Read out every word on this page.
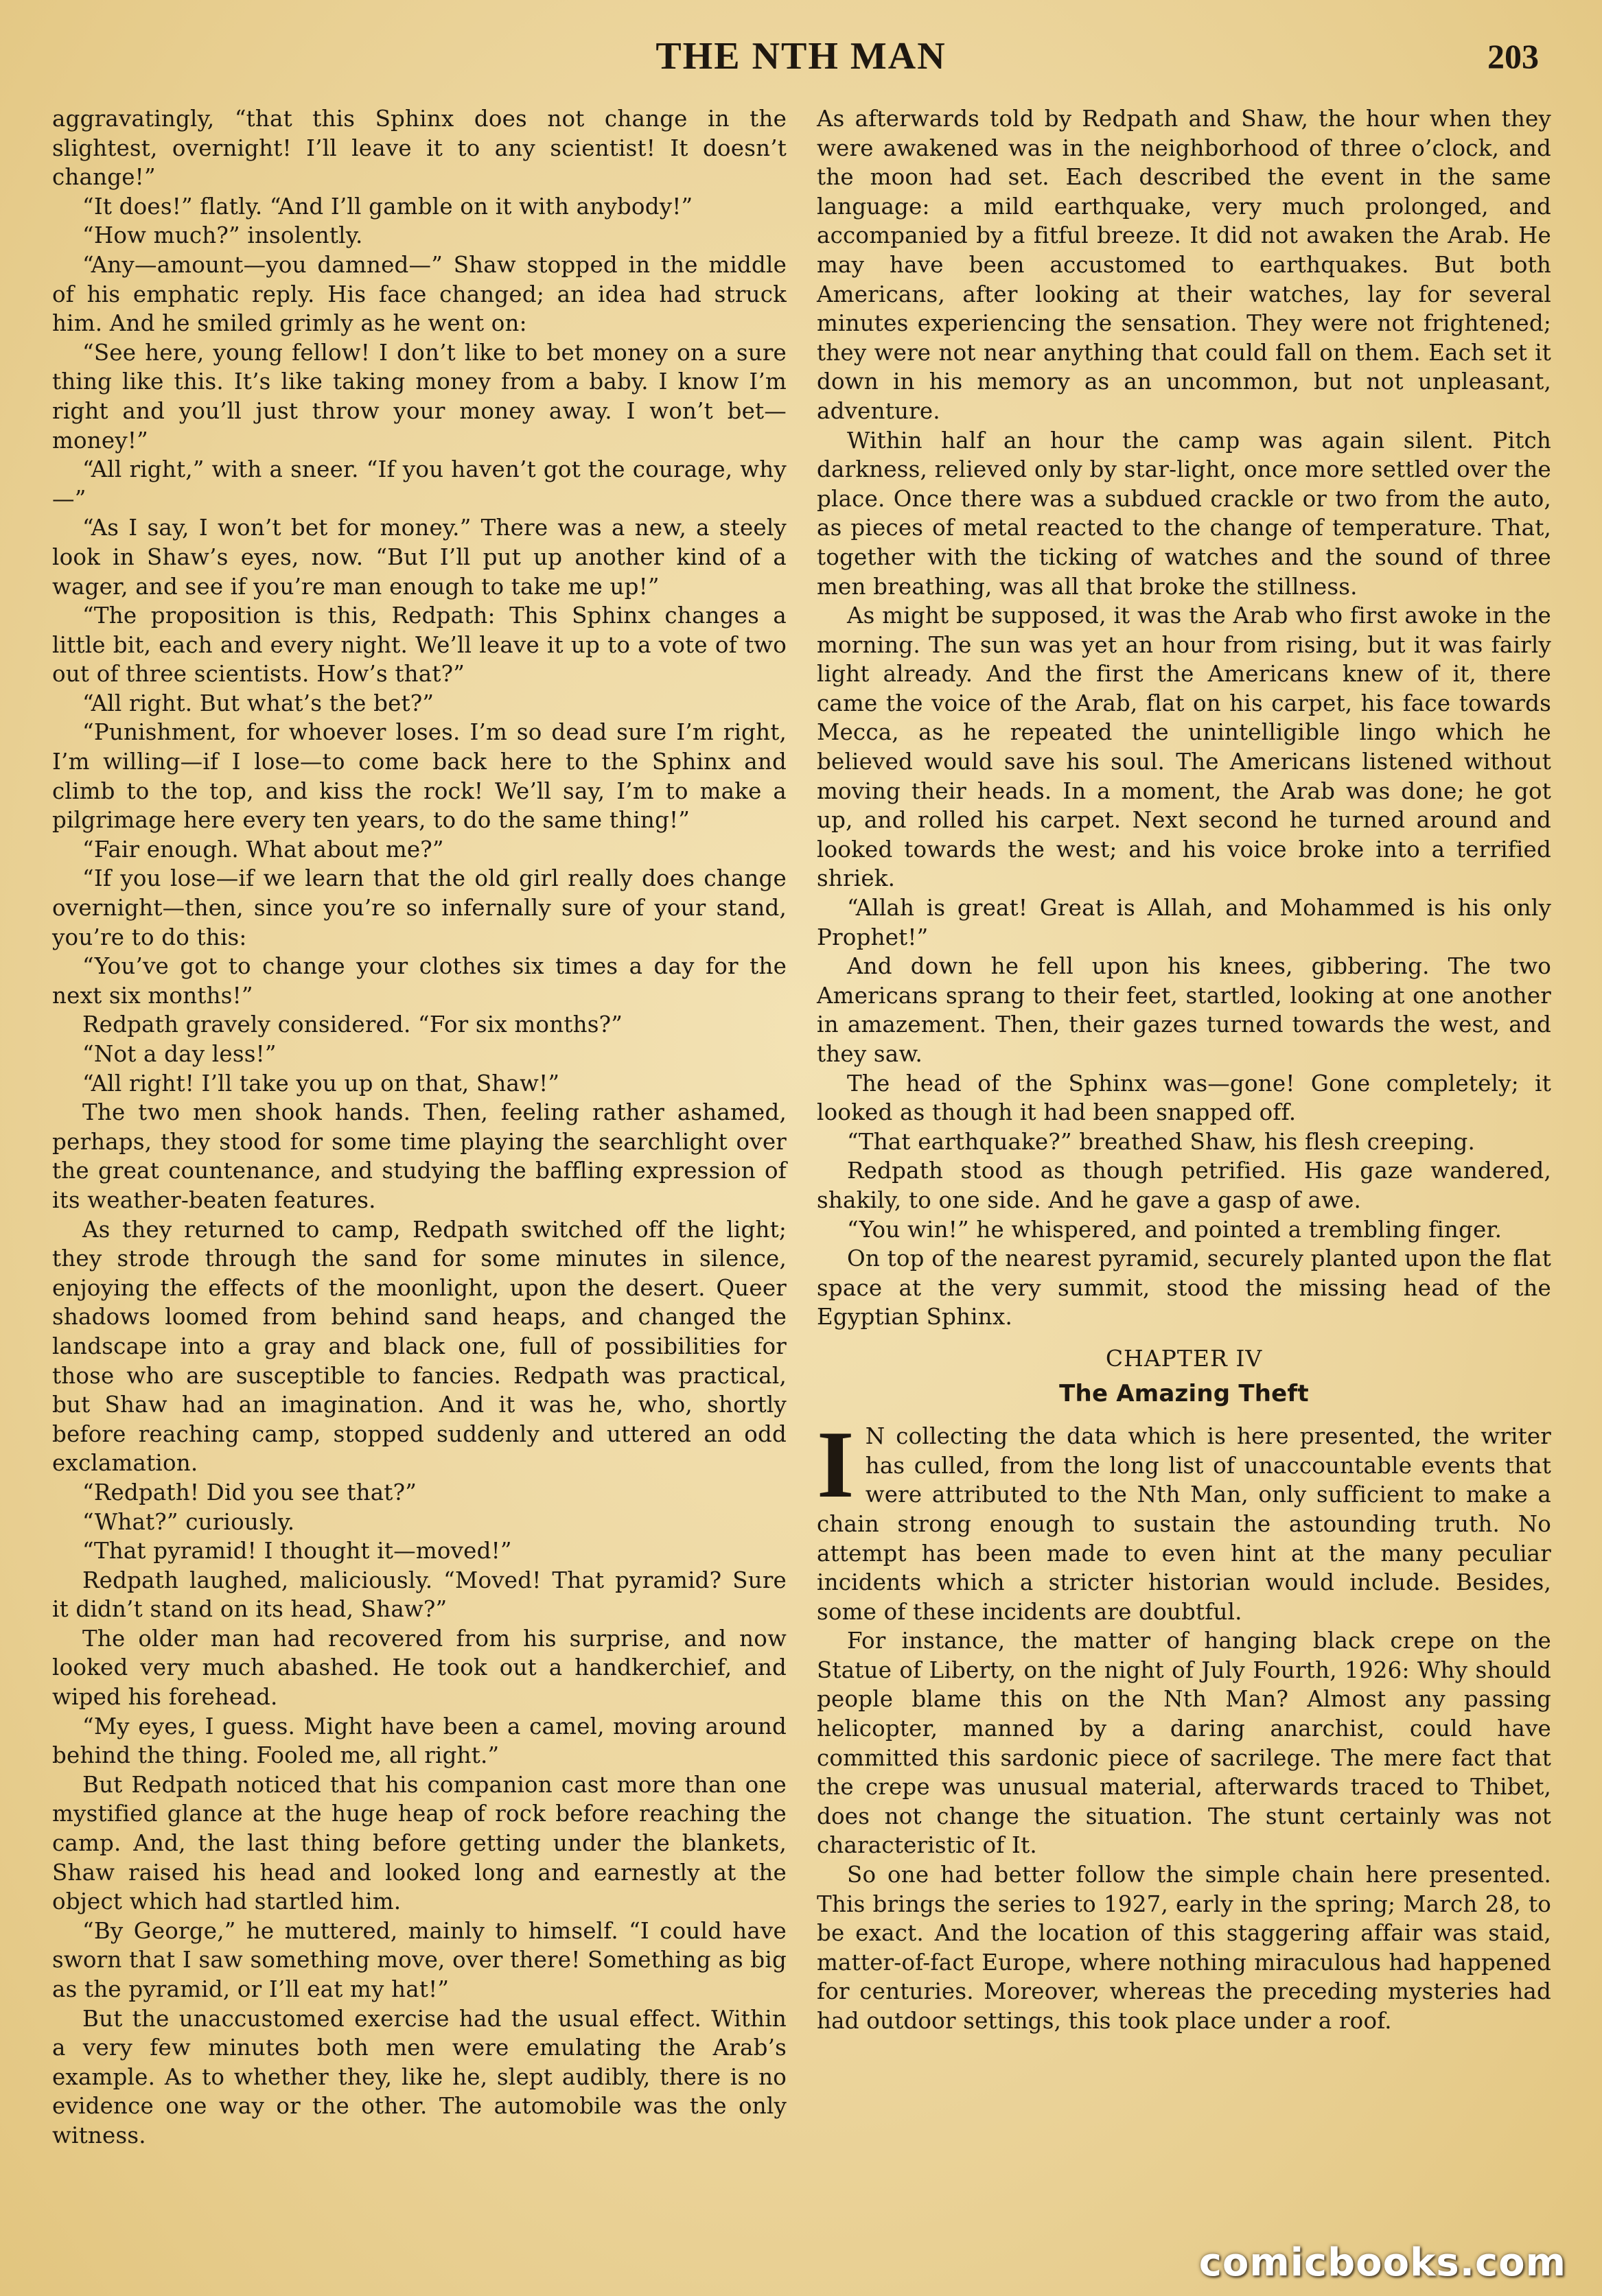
THE NTH MAN	203

aggravatingly, “that this Sphinx does not change in the slightest, overnight! I’ll leave it to any scientist! It doesn’t change!”

“It does!” flatly. “And I’ll gamble on it with anybody!”

“How much?” insolently.

“Any—amount—you damned—” Shaw stopped in the middle of his emphatic reply. His face changed; an idea had struck him. And he smiled grimly as he went on:

“See here, young fellow! I don’t like to bet money on a sure thing like this. It’s like taking money from a baby. I know I’m right and you’ll just throw your money away. I won’t bet—money!”

“All right,” with a sneer. “If you haven’t got the courage, why—”

“As I say, I won’t bet for money.” There was a new, a steely look in Shaw’s eyes, now. “But I’ll put up another kind of a wager, and see if you’re man enough to take me up!”

“The proposition is this, Redpath: This Sphinx changes a little bit, each and every night. We’ll leave it up to a vote of two out of three scientists. How’s that?”

“All right. But what’s the bet?”

“Punishment, for whoever loses. I’m so dead sure I’m right, I’m willing—if I lose—to come back here to the Sphinx and climb to the top, and kiss the rock! We’ll say, I’m to make a pilgrimage here every ten years, to do the same thing!”

“Fair enough. What about me?”

“If you lose—if we learn that the old girl really does change overnight—then, since you’re so infernally sure of your stand, you’re to do this:

“You’ve got to change your clothes six times a day for the next six months!”

Redpath gravely considered. “For six months?”

“Not a day less!”

“All right! I’ll take you up on that, Shaw!”

The two men shook hands. Then, feeling rather ashamed, perhaps, they stood for some time playing the searchlight over the great countenance, and studying the baffling expression of its weather-beaten features.

As they returned to camp, Redpath switched off the light; they strode through the sand for some minutes in silence, enjoying the effects of the moonlight, upon the desert. Queer shadows loomed from behind sand heaps, and changed the landscape into a gray and black one, full of possibilities for those who are susceptible to fancies. Redpath was practical, but Shaw had an imagination. And it was he, who, shortly before reaching camp, stopped suddenly and uttered an odd exclamation.

“Redpath! Did you see that?”

“What?” curiously.

“That pyramid! I thought it—moved!”

Redpath laughed, maliciously. “Moved! That pyramid? Sure it didn’t stand on its head, Shaw?”

The older man had recovered from his surprise, and now looked very much abashed. He took out a handkerchief, and wiped his forehead.

“My eyes, I guess. Might have been a camel, moving around behind the thing. Fooled me, all right.”

But Redpath noticed that his companion cast more than one mystified glance at the huge heap of rock before reaching the camp. And, the last thing before getting under the blankets, Shaw raised his head and looked long and earnestly at the object which had startled him.

“By George,” he muttered, mainly to himself. “I could have sworn that I saw something move, over there! Something as big as the pyramid, or I’ll eat my hat!”

But the unaccustomed exercise had the usual effect. Within a very few minutes both men were emulating the Arab’s example. As to whether they, like he, slept audibly, there is no evidence one way or the other. The automobile was the only witness.

As afterwards told by Redpath and Shaw, the hour when they were awakened was in the neighborhood of three o’clock, and the moon had set. Each described the event in the same language: a mild earthquake, very much prolonged, and accompanied by a fitful breeze. It did not awaken the Arab. He may have been accustomed to earthquakes. But both Americans, after looking at their watches, lay for several minutes experiencing the sensation. They were not frightened; they were not near anything that could fall on them. Each set it down in his memory as an uncommon, but not unpleasant, adventure.

Within half an hour the camp was again silent. Pitch darkness, relieved only by star-light, once more settled over the place. Once there was a subdued crackle or two from the auto, as pieces of metal reacted to the change of temperature. That, together with the ticking of watches and the sound of three men breathing, was all that broke the stillness.

As might be supposed, it was the Arab who first awoke in the morning. The sun was yet an hour from rising, but it was fairly light already. And the first the Americans knew of it, there came the voice of the Arab, flat on his carpet, his face towards Mecca, as he repeated the unintelligible lingo which he believed would save his soul. The Americans listened without moving their heads. In a moment, the Arab was done; he got up, and rolled his carpet. Next second he turned around and looked towards the west; and his voice broke into a terrified shriek.

“Allah is great! Great is Allah, and Mohammed is his only Prophet!”

And down he fell upon his knees, gibbering. The two Americans sprang to their feet, startled, looking at one another in amazement. Then, their gazes turned towards the west, and they saw.

The head of the Sphinx was—gone! Gone completely; it looked as though it had been snapped off.

“That earthquake?” breathed Shaw, his flesh creeping.

Redpath stood as though petrified. His gaze wandered, shakily, to one side. And he gave a gasp of awe.

“You win!” he whispered, and pointed a trembling finger.

On top of the nearest pyramid, securely planted upon the flat space at the very summit, stood the missing head of the Egyptian Sphinx.

CHAPTER IV

The Amazing Theft

I N collecting the data which is here presented, the writer has culled, from the long list of unaccountable events that were attributed to the Nth Man, only sufficient to make a chain strong enough to sustain the astounding truth. No attempt has been made to even hint at the many peculiar incidents which a stricter historian would include. Besides, some of these incidents are doubtful.

For instance, the matter of hanging black crepe on the Statue of Liberty, on the night of July Fourth, 1926: Why should people blame this on the Nth Man? Almost any passing helicopter, manned by a daring anarchist, could have committed this sardonic piece of sacrilege. The mere fact that the crepe was unusual material, afterwards traced to Thibet, does not change the situation. The stunt certainly was not characteristic of It.

So one had better follow the simple chain here presented. This brings the series to 1927, early in the spring; March 28, to be exact. And the location of this staggering affair was staid, matter-of-fact Europe, where nothing miraculous had happened for centuries. Moreover, whereas the preceding mysteries had had outdoor settings, this took place under a roof.

comicbooks.com
